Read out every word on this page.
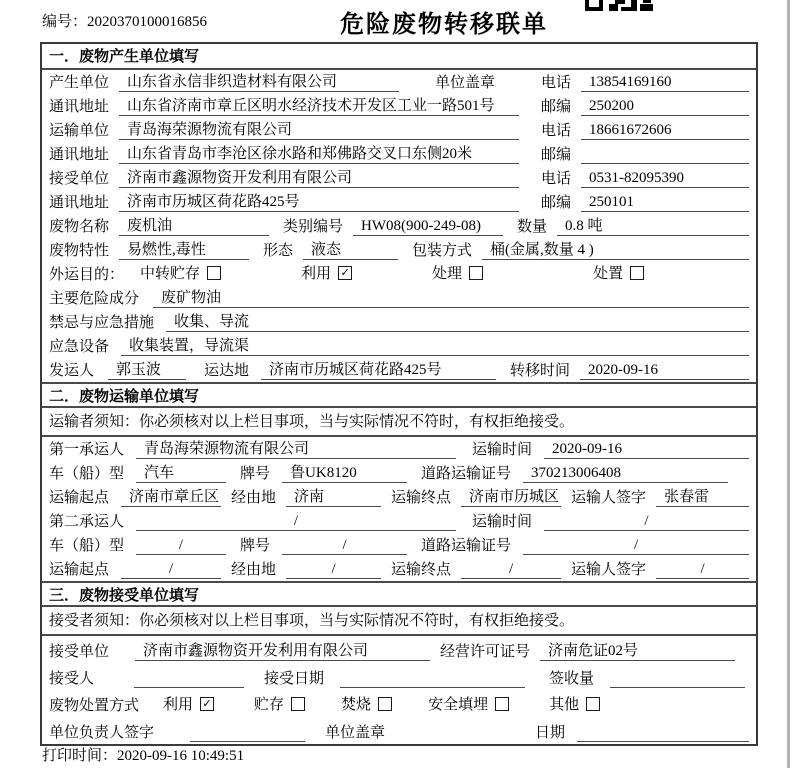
编号：2020370100016856	危险废物转移联单
一．废物产生单位填写
产生单位	山东省永信非织造材料有限公司	单位盖章	电话	13854169160
通讯地址	山东省济南市章丘区明水经济技术开发区工业一路501号	邮编	250200
运输单位	青岛海荣源物流有限公司	电话	18661672606
通讯地址	山东省青岛市李沧区徐水路和郑佛路交叉口东侧20米	邮编
接受单位	济南市鑫源物资开发利用有限公司	电话	0531-82095390
通讯地址	济南市历城区荷花路425号	邮编	250101
废物名称	废机油	类别编号	HW08(900-249-08)	数量	0.8 吨
废物特性	易燃性,毒性	形态	液态	包装方式	桶(金属,数量 4 )
外运目的： 中转贮存	利用 ✓	处理	处置
主要危险成分	废矿物油
禁忌与应急措施	收集、导流
应急设备	收集装置，导流渠
发运人	郭玉波	运达地	济南市历城区荷花路425号	转移时间	2020-09-16
二．废物运输单位填写
运输者须知：你必须核对以上栏目事项，当与实际情况不符时，有权拒绝接受。
第一承运人	青岛海荣源物流有限公司	运输时间	2020-09-16
车（船）型	汽车	牌号	鲁UK8120	道路运输证号	370213006408
运输起点	济南市章丘区 经由地	济南	运输终点	济南市历城区 运输人签字	张春雷
第二承运人	/	运输时间	/
车（船）型	/	牌号	/	道路运输证号	/
运输起点	/	经由地	/	运输终点	/	运输人签字	/
三．废物接受单位填写
接受者须知：你必须核对以上栏目事项，当与实际情况不符时，有权拒绝接受。
接受单位	济南市鑫源物资开发利用有限公司	经营许可证号	济南危证02号
接受人	接受日期	签收量
废物处置方式 利用 ✓	贮存	焚烧	安全填埋	其他
单位负责人签字	单位盖章	日期
打印时间：2020-09-16 10:49:51
